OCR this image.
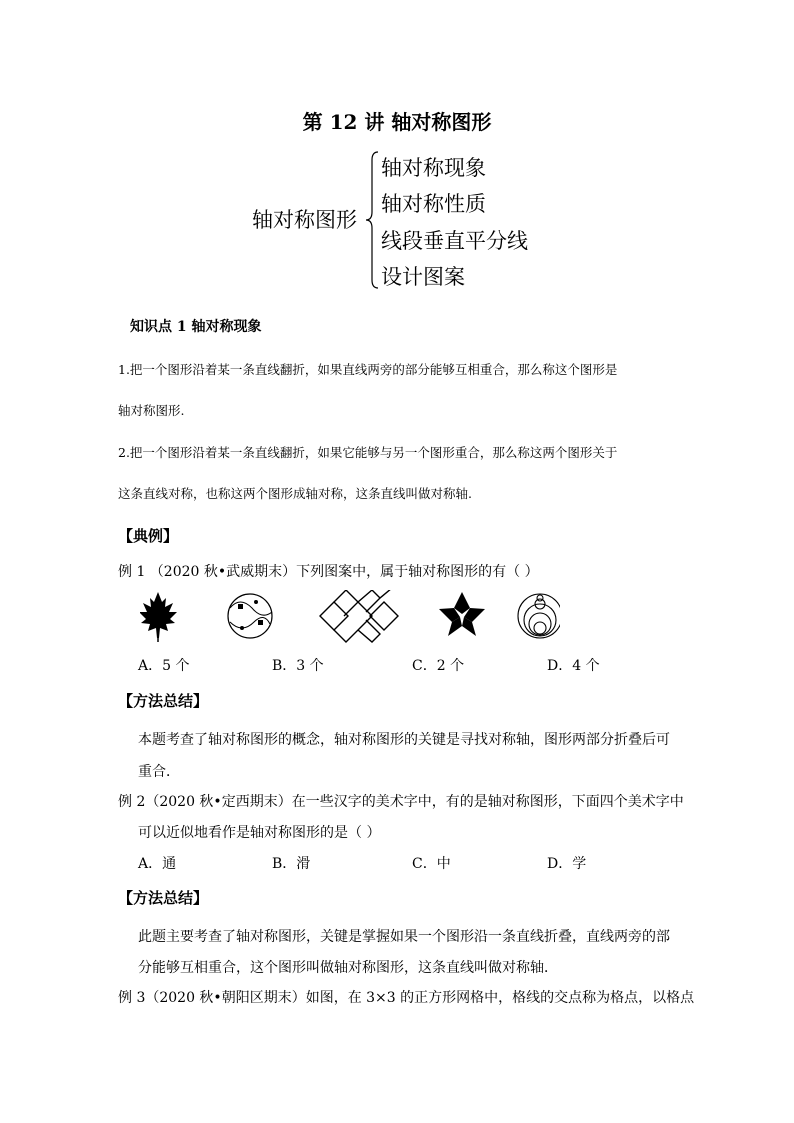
第 12 讲 轴对称图形
轴对称图形
轴对称现象
轴对称性质
线段垂直平分线
设计图案
知识点 1 轴对称现象
1.把一个图形沿着某一条直线翻折，如果直线两旁的部分能够互相重合，那么称这个图形是
轴对称图形.
2.把一个图形沿着某一条直线翻折，如果它能够与另一个图形重合，那么称这两个图形关于
这条直线对称，也称这两个图形成轴对称，这条直线叫做对称轴.
【典例】
例 1 （2020 秋•武威期末）下列图案中，属于轴对称图形的有（ ）
A．5 个	B．3 个	C．2 个	D．4 个
【方法总结】
本题考查了轴对称图形的概念，轴对称图形的关键是寻找对称轴，图形两部分折叠后可
重合．
例 2（2020 秋•定西期末）在一些汉字的美术字中，有的是轴对称图形，下面四个美术字中
可以近似地看作是轴对称图形的是（ ）
A．通	B．滑	C．中	D．学
【方法总结】
此题主要考查了轴对称图形，关键是掌握如果一个图形沿一条直线折叠，直线两旁的部
分能够互相重合，这个图形叫做轴对称图形，这条直线叫做对称轴．
例 3（2020 秋•朝阳区期末）如图，在 3×3 的正方形网格中，格线的交点称为格点，以格点
